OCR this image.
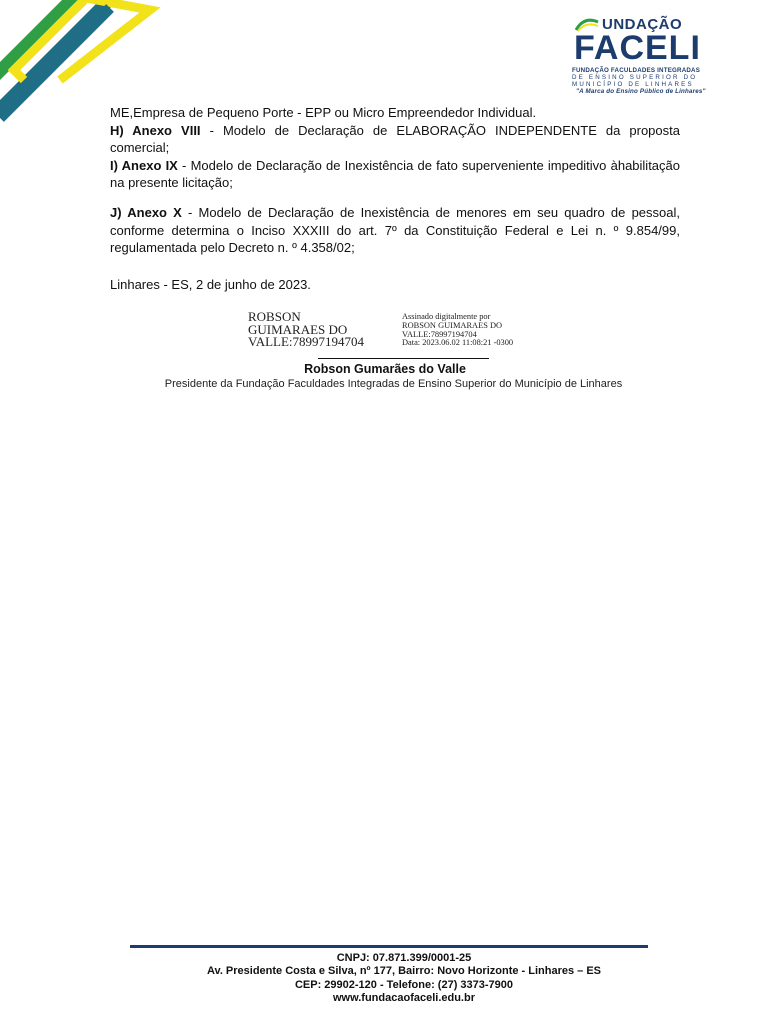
UNDAÇÃO
FACELI
FUNDAÇÃO FACULDADES INTEGRADAS
DE ENSINO SUPERIOR DO
MUNICÍPIO DE LINHARES
"A Marca do Ensino Público de Linhares"

ME,Empresa de Pequeno Porte - EPP ou Micro Empreendedor Individual.

H) Anexo VIII - Modelo de Declaração de ELABORAÇÃO INDEPENDENTE da proposta comercial;

I) Anexo IX - Modelo de Declaração de Inexistência de fato superveniente impeditivo àhabilitação na presente licitação;

J) Anexo X - Modelo de Declaração de Inexistência de menores em seu quadro de pessoal, conforme determina o Inciso XXXIII do art. 7º da Constituição Federal e Lei n. º 9.854/99, regulamentada pelo Decreto n. º 4.358/02;

Linhares - ES, 2 de junho de 2023.

ROBSON
GUIMARAES DO
VALLE:78997194704
Assinado digitalmente por
ROBSON GUIMARAES DO
VALLE:78997194704
Data: 2023.06.02 11:08:21 -0300
Robson Gumarães do Valle
Presidente da Fundação Faculdades Integradas de Ensino Superior do Município de Linhares
CNPJ: 07.871.399/0001-25
Av. Presidente Costa e Silva, nº 177, Bairro: Novo Horizonte - Linhares – ES
CEP: 29902-120 - Telefone: (27) 3373-7900
www.fundacaofaceli.edu.br
